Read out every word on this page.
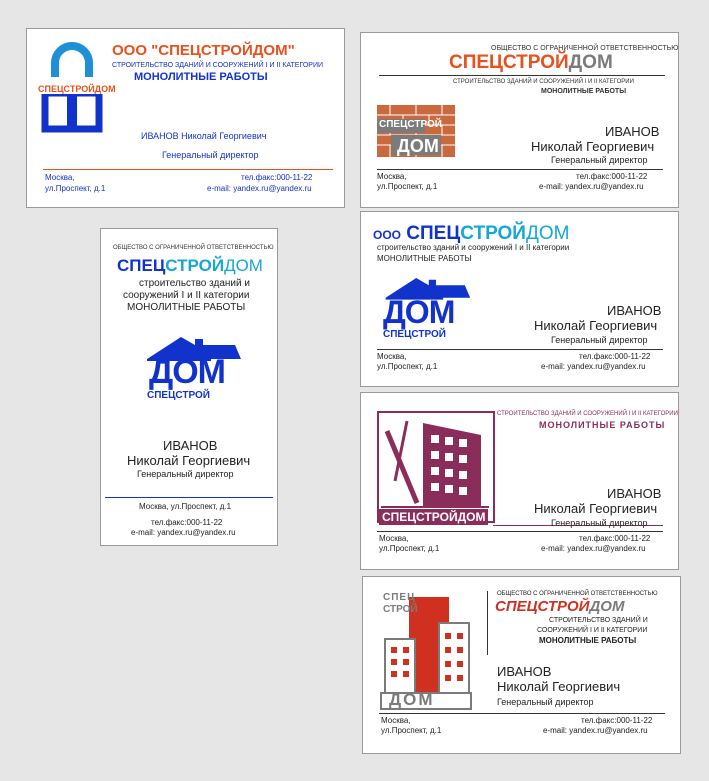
СПЕЦСТРОЙДОМ
ООО "СПЕЦСТРОЙДОМ"
СТРОИТЕЛЬСТВО ЗДАНИЙ И СООРУЖЕНИЙ I И II КАТЕГОРИИ
МОНОЛИТНЫЕ РАБОТЫ
ИВАНОВ Николай Георгиевич
Генеральный директор
Москва,
ул.Проспект, д.1
тел.факс:000-11-22
e-mail: yandex.ru@yandex.ru
ОБЩЕСТВО С ОГРАНИЧЕННОЙ ОТВЕТСТВЕННОСТЬЮ
СПЕЦСТРОЙДОМ
СТРОИТЕЛЬСТВО ЗДАНИЙ И СООРУЖЕНИЙ I И II КАТЕГОРИИ
МОНОЛИТНЫЕ РАБОТЫ
СПЕЦСТРОЙ
ДОМ
ИВАНОВ
Николай Георгиевич
Генеральный директор
Москва,
ул.Проспект, д.1
тел.факс:000-11-22
e-mail: yandex.ru@yandex.ru
ОБЩЕСТВО С ОГРАНИЧЕННОЙ ОТВЕТСТВЕННОСТЬЮ
СПЕЦСТРОЙДОМ
строительство зданий и
сооружений I и II категории
МОНОЛИТНЫЕ РАБОТЫ
ДОМ
СПЕЦСТРОЙ
ИВАНОВ
Николай Георгиевич
Генеральный директор
Москва, ул.Проспект, д.1
тел.факс:000-11-22
e-mail: yandex.ru@yandex.ru
ООО СПЕЦСТРОЙДОМ
строительство зданий и сооружений I и II категории
МОНОЛИТНЫЕ РАБОТЫ
ДОМ
СПЕЦСТРОЙ
ИВАНОВ
Николай Георгиевич
Генеральный директор
Москва,
ул.Проспект, д.1
тел.факс:000-11-22
e-mail: yandex.ru@yandex.ru
СТРОИТЕЛЬСТВО ЗДАНИЙ И СООРУЖЕНИЙ I И II КАТЕГОРИИ
МОНОЛИТНЫЕ РАБОТЫ
СПЕЦСТРОЙДОМ
ИВАНОВ
Николай Георгиевич
Генеральный директор
Москва,
ул.Проспект, д.1
тел.факс:000-11-22
e-mail: yandex.ru@yandex.ru
СПЕЦ
СТРОЙ
ДОМ
ОБЩЕСТВО С ОГРАНИЧЕННОЙ ОТВЕТСТВЕННОСТЬЮ
СПЕЦСТРОЙДОМ
СТРОИТЕЛЬСТВО ЗДАНИЙ И
СООРУЖЕНИЙ I И II КАТЕГОРИИ
МОНОЛИТНЫЕ РАБОТЫ
ИВАНОВ
Николай Георгиевич
Генеральный директор
Москва,
ул.Проспект, д.1
тел.факс:000-11-22
e-mail: yandex.ru@yandex.ru
